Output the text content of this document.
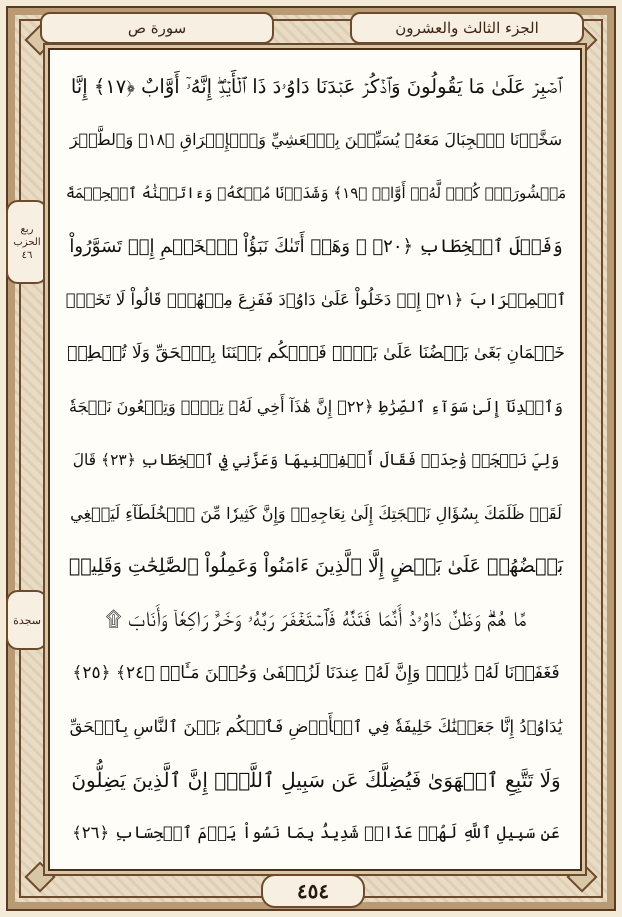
الجزء الثالث والعشرون
سورة ص
ربع الحزب ٤٦
سجدة
ٱصۡبِرۡ عَلَىٰ مَا يَقُولُونَ وَٱذۡكُرۡ عَبۡدَنَا دَاوُۥدَ ذَا ٱلۡأَيۡدِۖ إِنَّهُۥٓ أَوَّابٌ ﴿١٧﴾ إِنَّا
سَخَّرۡنَا ٱلۡجِبَالَ مَعَهُۥ يُسَبِّحۡنَ بِٱلۡعَشِيِّ وَٱلۡإِشۡرَاقِ ﴿١٨﴾ وَٱلطَّيۡرَ
مَحۡشُورَةٗۖ كُلّٞ لَّهُۥٓ أَوَّابٞ ﴿١٩﴾ وَشَدَدۡنَا مُلۡكَهُۥ وَءَاتَيۡنَٰهُ ٱلۡحِكۡمَةَ
وَفَصۡلَ ٱلۡخِطَابِ ﴿٢٠﴾ ۞ وَهَلۡ أَتَىٰكَ نَبَؤُاْ ٱلۡخَصۡمِ إِذۡ تَسَوَّرُواْ
ٱلۡمِحۡرَابَ ﴿٢١﴾ إِذۡ دَخَلُواْ عَلَىٰ دَاوُۥدَ فَفَزِعَ مِنۡهُمۡۖ قَالُواْ لَا تَخَفۡۖ
خَصۡمَانِ بَغَىٰ بَعۡضُنَا عَلَىٰ بَعۡضٖ فَٱحۡكُم بَيۡنَنَا بِٱلۡحَقِّ وَلَا تُشۡطِطۡ
وَٱهۡدِنَآ إِلَىٰ سَوَآءِ ٱلصِّرَٰطِ ﴿٢٢﴾ إِنَّ هَٰذَآ أَخِي لَهُۥ تِسۡعٞ وَتِسۡعُونَ نَعۡجَةٗ
وَلِيَ نَعۡجَةٞ وَٰحِدَةٞ فَقَالَ أَكۡفِلۡنِيهَا وَعَزَّنِي فِي ٱلۡخِطَابِ ﴿٢٣﴾ قَالَ
لَقَدۡ ظَلَمَكَ بِسُؤَالِ نَعۡجَتِكَ إِلَىٰ نِعَاجِهِۦۖ وَإِنَّ كَثِيرٗا مِّنَ ٱلۡخُلَطَآءِ لَيَبۡغِي
بَعۡضُهُمۡ عَلَىٰ بَعۡضٍ إِلَّا ٱلَّذِينَ ءَامَنُواْ وَعَمِلُواْ ٱلصَّٰلِحَٰتِ وَقَلِيلٞ
مَّا هُمۡۗ وَظَنَّ دَاوُۥدُ أَنَّمَا فَتَنَّٰهُ فَٱسۡتَغۡفَرَ رَبَّهُۥ وَخَرَّۤ رَاكِعٗاۤ وَأَنَابَ ۩
فَغَفَرۡنَا لَهُۥ ذَٰلِكَۖ وَإِنَّ لَهُۥ عِندَنَا لَزُلۡفَىٰ وَحُسۡنَ مَـَٔابٖ ﴿٢٤﴾ ﴿٢٥﴾
يَٰدَاوُۥدُ إِنَّا جَعَلۡنَٰكَ خَلِيفَةٗ فِي ٱلۡأَرۡضِ فَٱحۡكُم بَيۡنَ ٱلنَّاسِ بِٱلۡحَقِّ
وَلَا تَتَّبِعِ ٱلۡهَوَىٰ فَيُضِلَّكَ عَن سَبِيلِ ٱللَّهِۚ إِنَّ ٱلَّذِينَ يَضِلُّونَ
عَن سَبِيلِ ٱللَّهِ لَهُمۡ عَذَابٞ شَدِيدُۢ بِمَا نَسُواْ يَوۡمَ ٱلۡحِسَابِ ﴿٢٦﴾
٤٥٤
